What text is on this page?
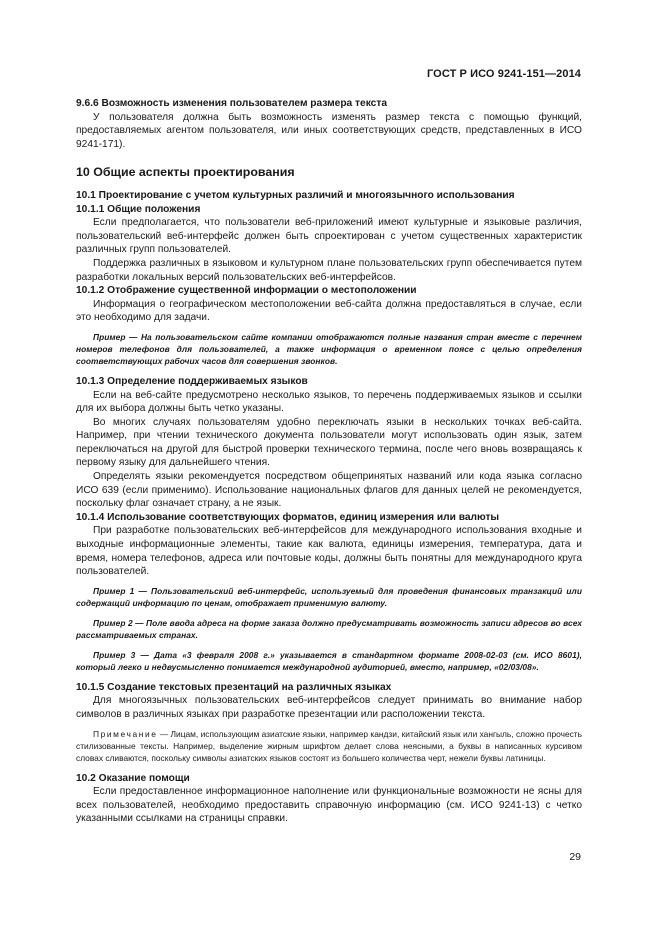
ГОСТ Р ИСО 9241-151—2014
9.6.6 Возможность изменения пользователем размера текста

У пользователя должна быть возможность изменять размер текста с помощью функций, предоставляемых агентом пользователя, или иных соответствующих средств, представленных в ИСО 9241-171).

10 Общие аспекты проектирования
10.1 Проектирование с учетом культурных различий и многоязычного использования
10.1.1 Общие положения

Если предполагается, что пользователи веб-приложений имеют культурные и языковые различия, пользовательский веб-интерфейс должен быть спроектирован с учетом существенных характеристик различных групп пользователей.

Поддержка различных в языковом и культурном плане пользовательских групп обеспечивается путем разработки локальных версий пользовательских веб-интерфейсов.

10.1.2 Отображение существенной информации о местоположении

Информация о географическом местоположении веб-сайта должна предоставляться в случае, если это необходимо для задачи.

Пример — На пользовательском сайте компании отображаются полные названия стран вместе с перечнем номеров телефонов для пользователей, а также информация о временном поясе с целью определения соответствующих рабочих часов для совершения звонков.

10.1.3 Определение поддерживаемых языков

Если на веб-сайте предусмотрено несколько языков, то перечень поддерживаемых языков и ссылки для их выбора должны быть четко указаны.

Во многих случаях пользователям удобно переключать языки в нескольких точках веб-сайта. Например, при чтении технического документа пользователи могут использовать один язык, затем переключаться на другой для быстрой проверки технического термина, после чего вновь возвращаясь к первому языку для дальнейшего чтения.

Определять языки рекомендуется посредством общепринятых названий или кода языка согласно ИСО 639 (если применимо). Использование национальных флагов для данных целей не рекомендуется, поскольку флаг означает страну, а не язык.

10.1.4 Использование соответствующих форматов, единиц измерения или валюты

При разработке пользовательских веб-интерфейсов для международного использования входные и выходные информационные элементы, такие как валюта, единицы измерения, температура, дата и время, номера телефонов, адреса или почтовые коды, должны быть понятны для международного круга пользователей.

Пример 1 — Пользовательский веб-интерфейс, используемый для проведения финансовых транзакций или содержащий информацию по ценам, отображает применимую валюту.

Пример 2 — Поле ввода адреса на форме заказа должно предусматривать возможность записи адресов во всех рассматриваемых странах.

Пример 3 — Дата «3 февраля 2008 г.» указывается в стандартном формате 2008-02-03 (см. ИСО 8601), который легко и недвусмысленно понимается международной аудиторией, вместо, например, «02/03/08».

10.1.5 Создание текстовых презентаций на различных языках

Для многоязычных пользовательских веб-интерфейсов следует принимать во внимание набор символов в различных языках при разработке презентации или расположении текста.

Примечание — Лицам, использующим азиатские языки, например кандзи, китайский язык или хангыль, сложно прочесть стилизованные тексты. Например, выделение жирным шрифтом делает слова неясными, а буквы в написанных курсивом словах сливаются, поскольку символы азиатских языков состоят из большего количества черт, нежели буквы латиницы.

10.2 Оказание помощи

Если предоставленное информационное наполнение или функциональные возможности не ясны для всех пользователей, необходимо предоставить справочную информацию (см. ИСО 9241-13) с четко указанными ссылками на страницы справки.

29
